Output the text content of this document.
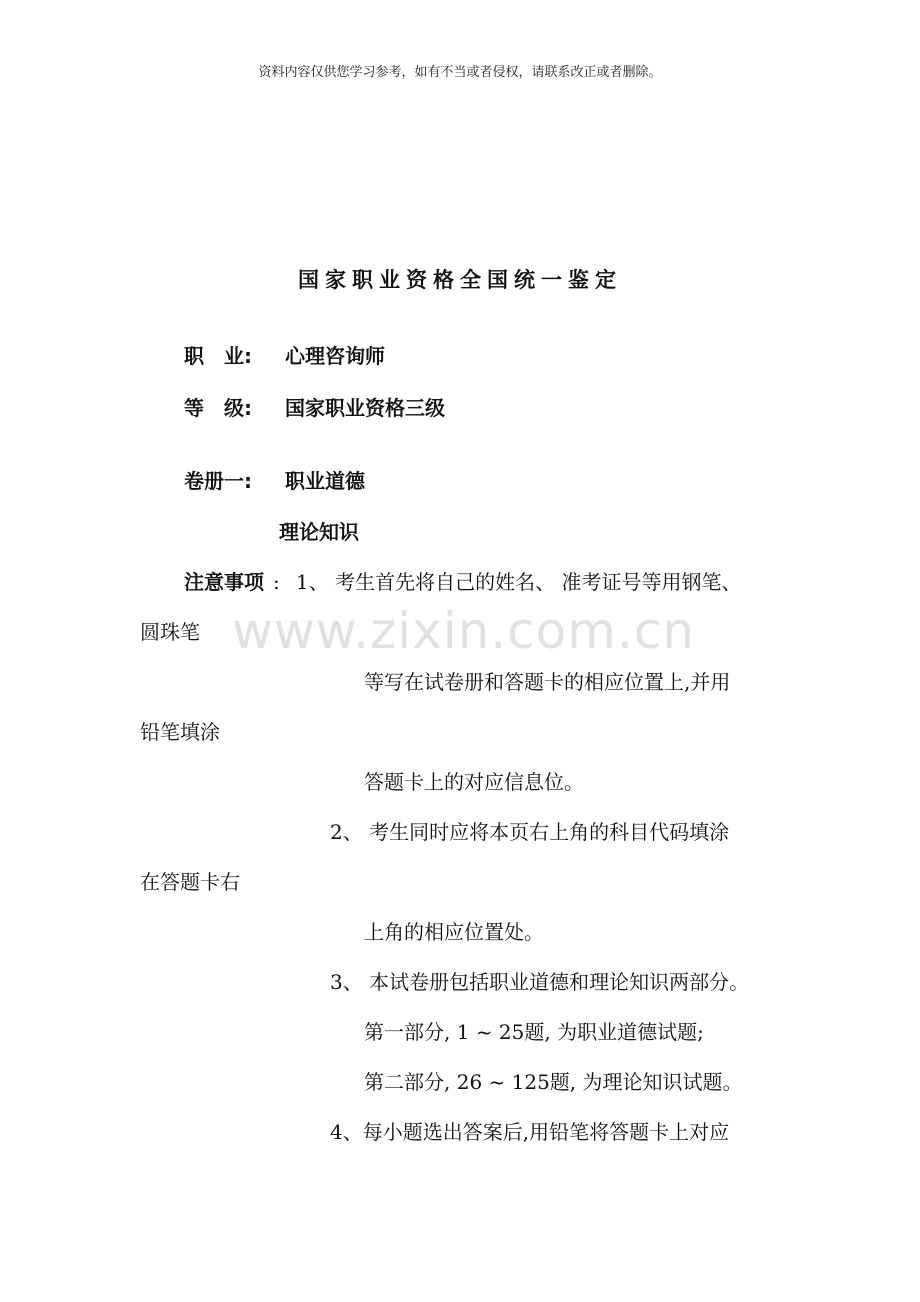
资料内容仅供您学习参考，如有不当或者侵权，请联系改正或者删除。
国家职业资格全国统一鉴定
职　业: 心理咨询师
等　级: 国家职业资格三级
卷册一: 职业道德
理论知识
注意事项 : 1、 考生首先将自己的姓名、 准考证号等用钢笔、
圆珠笔
等写在试卷册和答题卡的相应位置上,并用
铅笔填涂
答题卡上的对应信息位。
2、 考生同时应将本页右上角的科目代码填涂
在答题卡右
上角的相应位置处。
3、 本试卷册包括职业道德和理论知识两部分。
第一部分, 1 ~ 25题, 为职业道德试题;
第二部分, 26 ~ 125题, 为理论知识试题。
4、每小题选出答案后,用铅笔将答题卡上对应
www.zixin.com.cn
